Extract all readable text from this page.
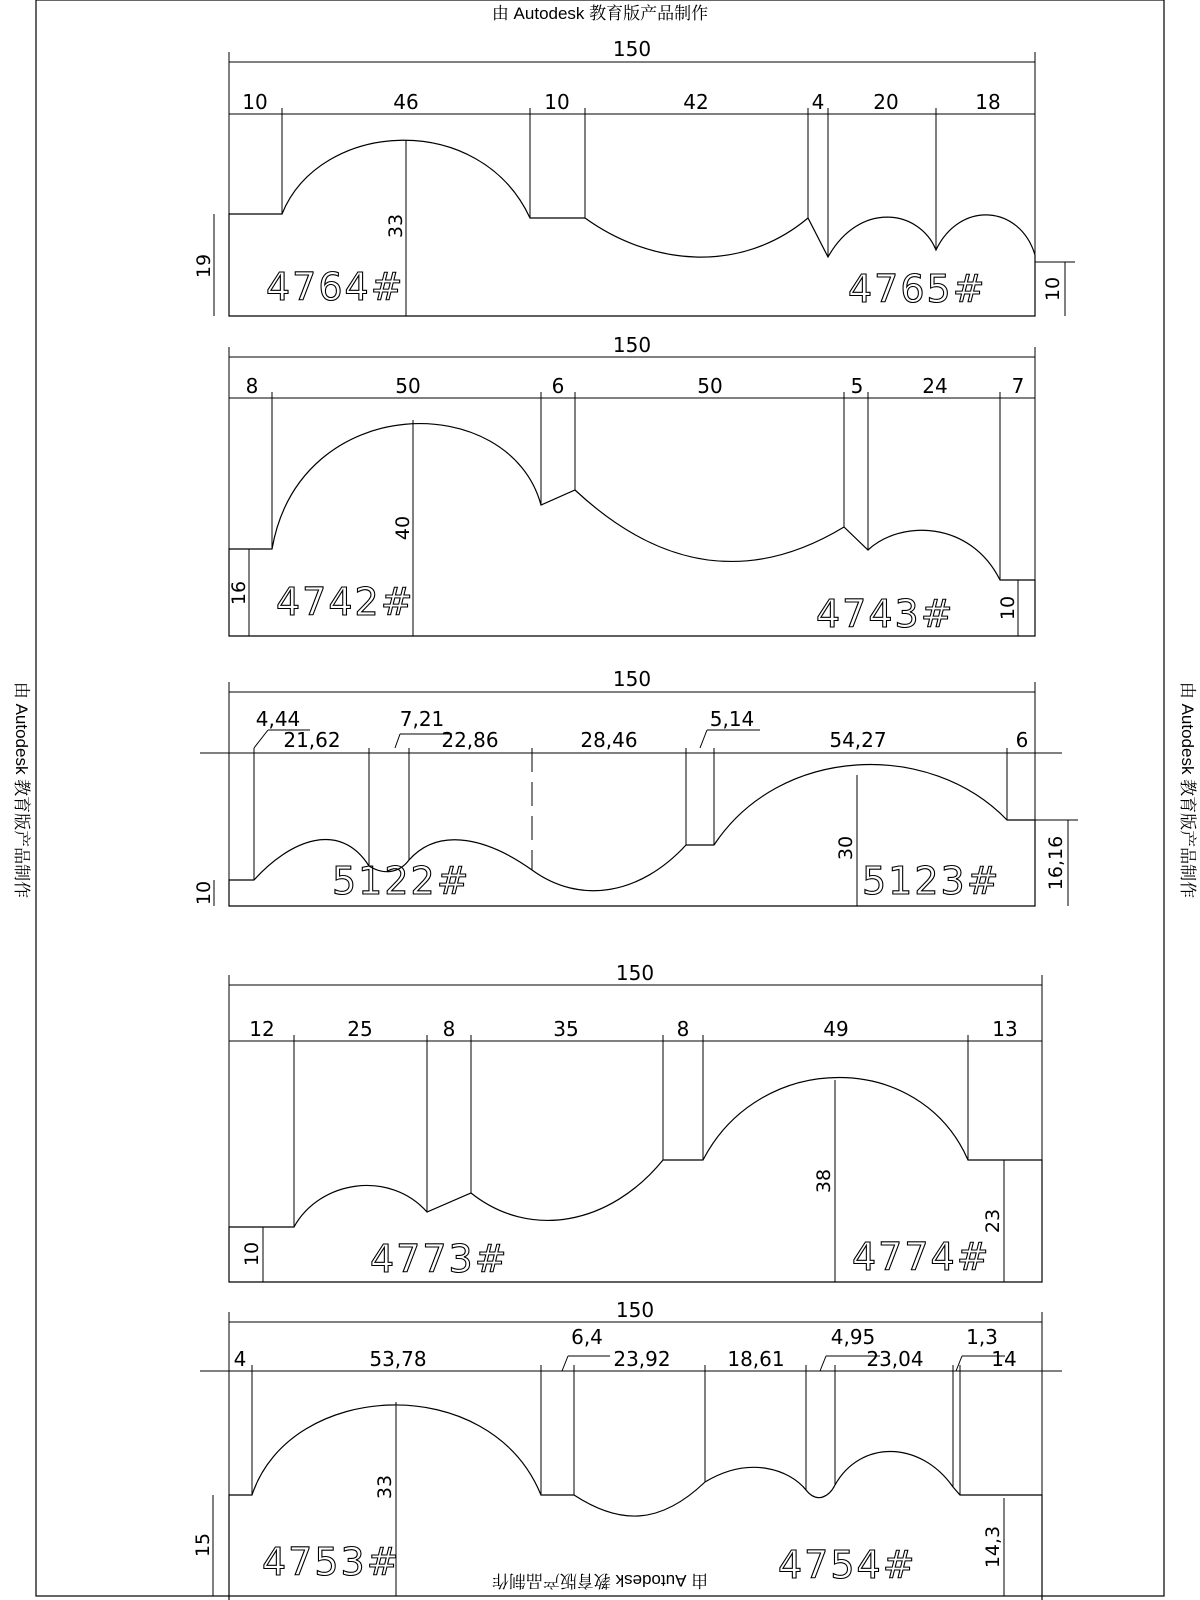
由 Autodesk 教育版产品制作
由 Autodesk 教育版产品制作
由 Autodesk 教育版产品制作	由 Autodesk 教育版产品制作
150
10	46	10	42	4 20	18
19
10
33
4764#	4765#
150
8	50	6	50	5	24	7
16
10
40
4742#	4743#
150
4,44
21,62
7,21
22,86	28,46
5,14
54,27	6
10
16,16
30
5122#	5123#
150
12	25	8	35	8	49	13
10
23
38
4773#	4774#
150
4	53,78
6,4
23,92	18,61
4,95
23,04
1,3
14
15	14,3
33
4753#	4754#
